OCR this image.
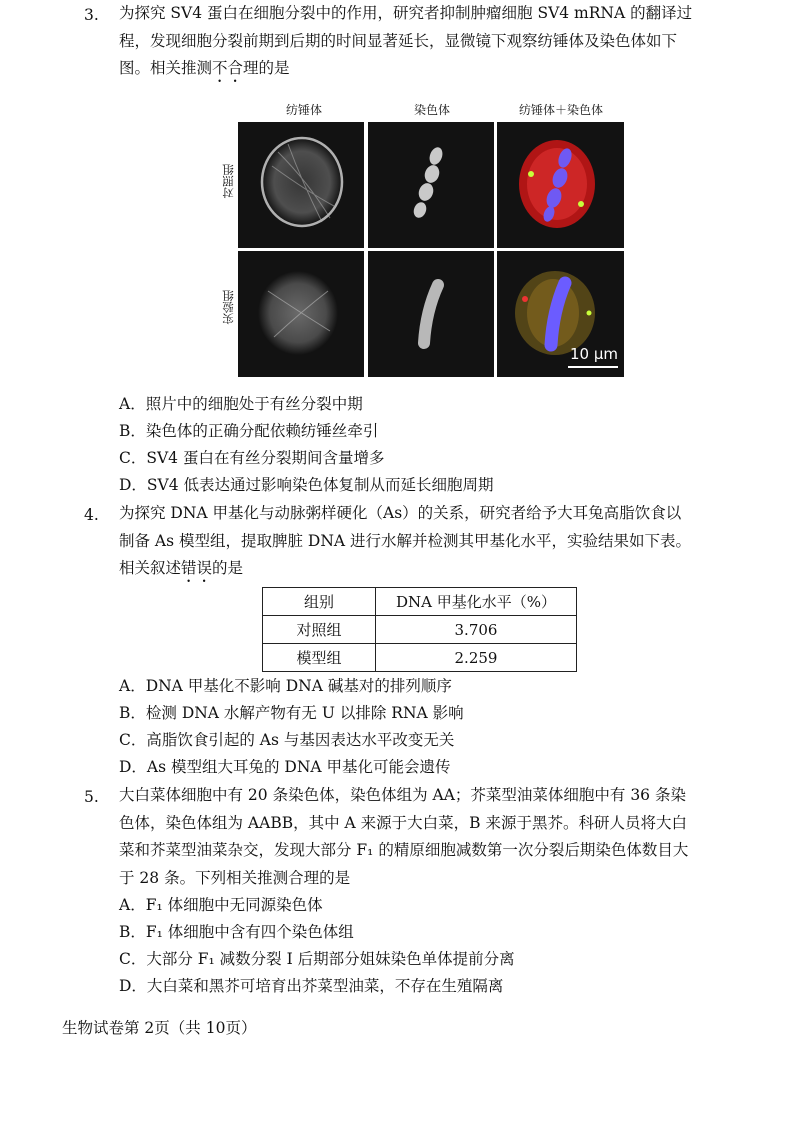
3. 为探究 SV4 蛋白在细胞分裂中的作用，研究者抑制肿瘤细胞 SV4 mRNA 的翻译过
程，发现细胞分裂前期到后期的时间显著延长，显微镜下观察纺锤体及染色体如下
图。相关推测不合理的是
纺锤体	染色体	纺锤体＋染色体
对照组
实验组
10 μm
A．照片中的细胞处于有丝分裂中期
B．染色体的正确分配依赖纺锤丝牵引
C．SV4 蛋白在有丝分裂期间含量增多
D．SV4 低表达通过影响染色体复制从而延长细胞周期
4. 为探究 DNA 甲基化与动脉粥样硬化（As）的关系，研究者给予大耳兔高脂饮食以
制备 As 模型组，提取脾脏 DNA 进行水解并检测其甲基化水平，实验结果如下表。
相关叙述错误的是
组别	DNA 甲基化水平（%）
对照组	3.706
模型组	2.259
A．DNA 甲基化不影响 DNA 碱基对的排列顺序
B．检测 DNA 水解产物有无 U 以排除 RNA 影响
C．高脂饮食引起的 As 与基因表达水平改变无关
D．As 模型组大耳兔的 DNA 甲基化可能会遗传
5. 大白菜体细胞中有 20 条染色体，染色体组为 AA；芥菜型油菜体细胞中有 36 条染
色体，染色体组为 AABB，其中 A 来源于大白菜，B 来源于黑芥。科研人员将大白
菜和芥菜型油菜杂交，发现大部分 F₁ 的精原细胞减数第一次分裂后期染色体数目大
于 28 条。下列相关推测合理的是
A．F₁ 体细胞中无同源染色体
B．F₁ 体细胞中含有四个染色体组
C．大部分 F₁ 减数分裂 I 后期部分姐妹染色单体提前分离
D．大白菜和黑芥可培育出芥菜型油菜，不存在生殖隔离
生物试卷第 2页（共 10页）
